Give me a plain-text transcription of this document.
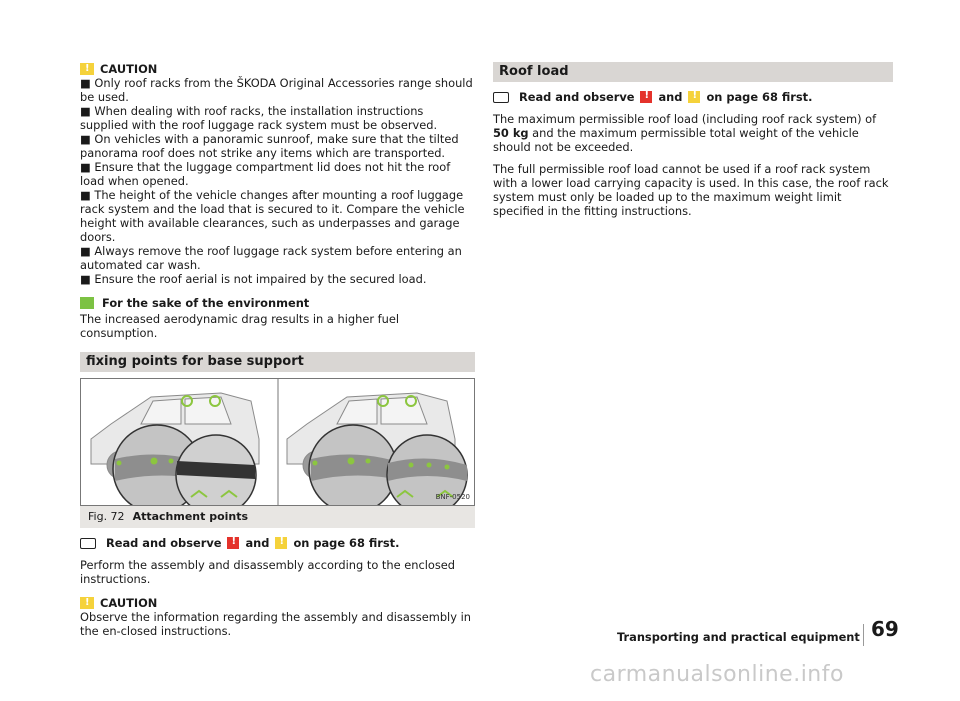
!
CAUTION

■ Only roof racks from the ŠKODA Original Accessories range should be used.

■ When dealing with roof racks, the installation instructions supplied with the roof luggage rack system must be observed.

■ On vehicles with a panoramic sunroof, make sure that the tilted panorama roof does not strike any items which are transported.

■ Ensure that the luggage compartment lid does not hit the roof load when opened.

■ The height of the vehicle changes after mounting a roof luggage rack system and the load that is secured to it. Compare the vehicle height with available clearances, such as underpasses and garage doors.

■ Always remove the roof luggage rack system before entering an automated car wash.

■ Ensure the roof aerial is not impaired by the secured load.

For the sake of the environment

The increased aerodynamic drag results in a higher fuel consumption.

fixing points for base support
BNF-0520
Fig. 72 Attachment points
Read and observe ! and ! on page 68 first.

Perform the assembly and disassembly according to the enclosed instructions.

!
CAUTION

Observe the information regarding the assembly and disassembly in the en-closed instructions.

Roof load
Read and observe ! and ! on page 68 first.

The maximum permissible roof load (including roof rack system) of 50 kg and the maximum permissible total weight of the vehicle should not be exceeded.

The full permissible roof load cannot be used if a roof rack system with a lower load carrying capacity is used. In this case, the roof rack system must only be loaded up to the maximum weight limit specified in the fitting instructions.

Transporting and practical equipment 69
carmanualsonline.info
